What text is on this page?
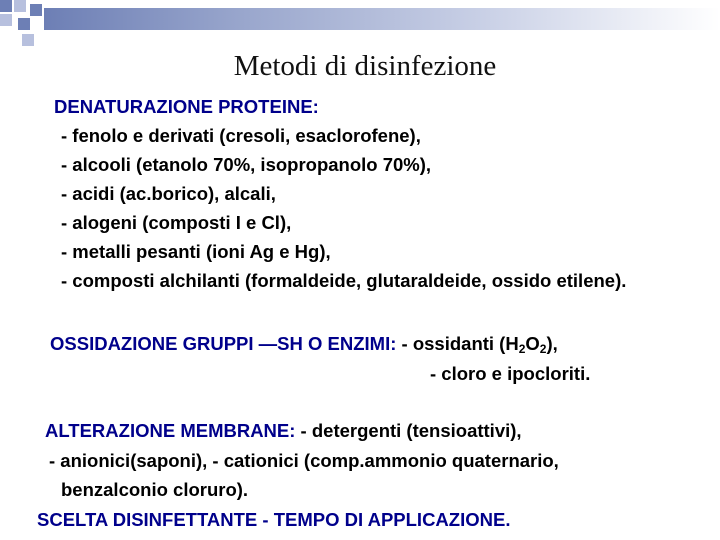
Metodi di disinfezione
DENATURAZIONE PROTEINE:
- fenolo e derivati (cresoli, esaclorofene),
- alcooli (etanolo 70%, isopropanolo 70%),
- acidi (ac.borico), alcali,
- alogeni (composti I e Cl),
- metalli pesanti (ioni Ag e Hg),
- composti alchilanti (formaldeide, glutaraldeide, ossido etilene).
OSSIDAZIONE GRUPPI —SH O ENZIMI: - ossidanti $(H_2O_2)$,
- cloro e ipocloriti.
ALTERAZIONE MEMBRANE: - detergenti (tensioattivi),
- anionici(saponi), - cationici (comp.ammonio quaternario,
benzalconio cloruro).
SCELTA DISINFETTANTE - TEMPO DI APPLICAZIONE.
